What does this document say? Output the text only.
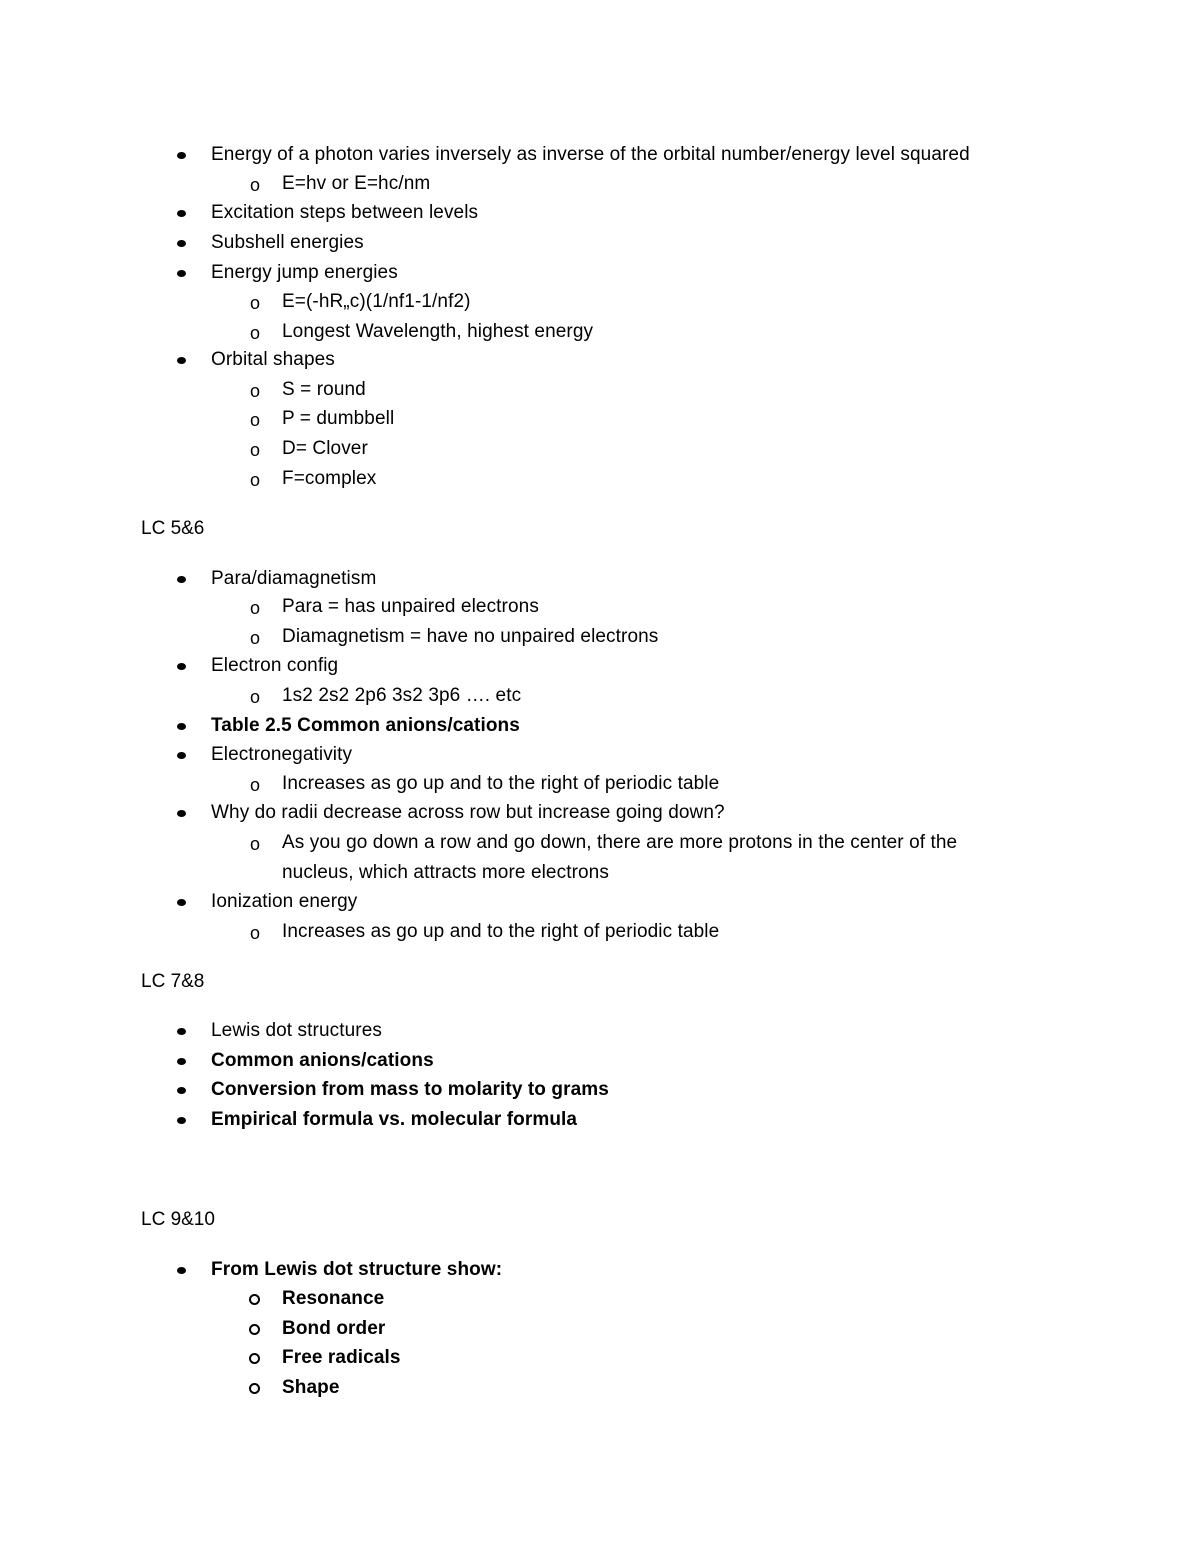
Energy of a photon varies inversely as inverse of the orbital number/energy level squared
o E=hv or E=hc/nm
Excitation steps between levels
Subshell energies
Energy jump energies
o E=(-hR„c)(1/nf1-1/nf2)
o Longest Wavelength, highest energy
Orbital shapes
o S = round
o P = dumbbell
o D= Clover
o F=complex
LC 5&6
Para/diamagnetism
o Para = has unpaired electrons
o Diamagnetism = have no unpaired electrons
Electron config
o 1s2 2s2 2p6 3s2 3p6 …. etc
Table 2.5 Common anions/cations
Electronegativity
o Increases as go up and to the right of periodic table
Why do radii decrease across row but increase going down?
o As you go down a row and go down, there are more protons in the center of the
nucleus, which attracts more electrons
Ionization energy
o Increases as go up and to the right of periodic table
LC 7&8
Lewis dot structures
Common anions/cations
Conversion from mass to molarity to grams
Empirical formula vs. molecular formula
LC 9&10
From Lewis dot structure show:
Resonance
Bond order
Free radicals
Shape
